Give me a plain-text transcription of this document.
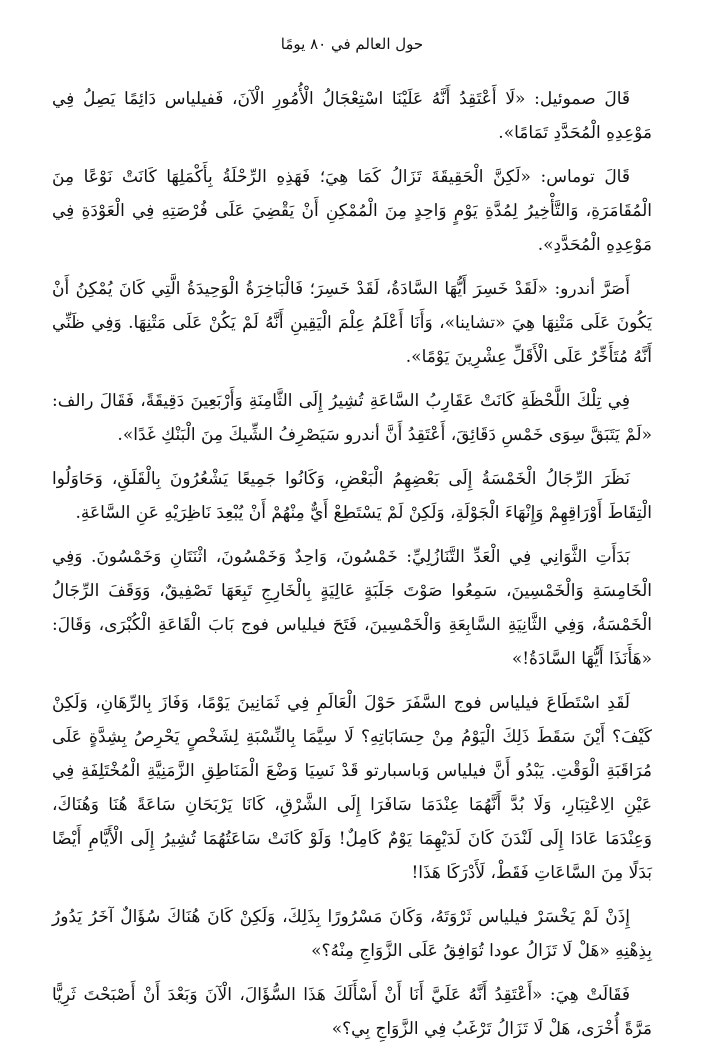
حول العالم في ٨٠ يومًا

قَالَ صموئيل: «لَا أَعْتَقِدُ أَنَّهُ عَلَيْنَا اسْتِعْجَالُ الْأُمُورِ الْآنَ، فَفيلياس دَائِمًا يَصِلُ فِي مَوْعِدِهِ الْمُحَدَّدِ تَمَامًا».

قَالَ توماس: «لَكِنَّ الْحَقِيقَةَ تَزَالُ كَمَا هِيَ؛ فَهَذِهِ الرِّحْلَةُ بِأَكْمَلِهَا كَانَتْ نَوْعًا مِنَ الْمُقَامَرَةِ، وَالتَّأْخِيرُ لِمُدَّةِ يَوْمٍ وَاحِدٍ مِنَ الْمُمْكِنِ أَنْ يَقْضِيَ عَلَى فُرْصَتِهِ فِي الْعَوْدَةِ فِي مَوْعِدِهِ الْمُحَدَّدِ».

أَصَرَّ أندرو: «لَقَدْ خَسِرَ أَيُّهَا السَّادَةُ، لَقَدْ خَسِرَ؛ فَالْبَاخِرَةُ الْوَحِيدَةُ الَّتِي كَانَ يُمْكِنُ أَنْ يَكُونَ عَلَى مَتْنِهَا هِيَ «تشاينا»، وَأَنَا أَعْلَمُ عِلْمَ الْيَقِينِ أَنَّهُ لَمْ يَكُنْ عَلَى مَتْنِهَا. وَفِي ظَنِّي أَنَّهُ مُتَأَخِّرٌ عَلَى الْأَقَلِّ عِشْرِينَ يَوْمًا».

فِي تِلْكَ اللَّحْظَةِ كَانَتْ عَقَارِبُ السَّاعَةِ تُشِيرُ إِلَى الثَّامِنَةِ وَأَرْبَعِينَ دَقِيقَةً، فَقَالَ رالف: «لَمْ يَتَبَقَّ سِوَى خَمْسِ دَقَائِقَ، أَعْتَقِدُ أَنَّ أندرو سَيَصْرِفُ الشِّيكَ مِنَ الْبَنْكِ غَدًا».

نَظَرَ الرِّجَالُ الْخَمْسَةُ إِلَى بَعْضِهِمُ الْبَعْضِ، وَكَانُوا جَمِيعًا يَشْعُرُونَ بِالْقَلَقِ، وَحَاوَلُوا الْتِقَاطَ أَوْرَاقِهِمْ وَإِنْهَاءَ الْجَوْلَةِ، وَلَكِنْ لَمْ يَسْتَطِعْ أَيٌّ مِنْهُمْ أَنْ يُبْعِدَ نَاظِرَيْهِ عَنِ السَّاعَةِ.

بَدَأَتِ الثَّوَانِي فِي الْعَدِّ التَّنَازُلِيِّ: خَمْسُونَ، وَاحِدٌ وَخَمْسُونَ، اثْنَتَانِ وَخَمْسُونَ. وَفِي الْخَامِسَةِ وَالْخَمْسِينَ، سَمِعُوا صَوْتَ جَلَبَةٍ عَالِيَةٍ بِالْخَارِجِ تَبِعَهَا تَصْفِيقٌ، وَوَقَفَ الرِّجَالُ الْخَمْسَةُ، وَفِي الثَّانِيَةِ السَّابِعَةِ وَالْخَمْسِينَ، فَتَحَ فيلياس فوج بَابَ الْقَاعَةِ الْكُبْرَى، وَقَالَ: «هَأَنَذَا أَيُّهَا السَّادَةُ!»

لَقَدِ اسْتَطَاعَ فيلياس فوج السَّفَرَ حَوْلَ الْعَالَمِ فِي ثَمَانِينَ يَوْمًا، وَفَازَ بِالرِّهَانِ، وَلَكِنْ كَيْفَ؟ أَيْنَ سَقَطَ ذَلِكَ الْيَوْمُ مِنْ حِسَابَاتِهِ؟ لَا سِيَّمَا بِالنِّسْبَةِ لِشَخْصٍ يَحْرِصُ بِشِدَّةٍ عَلَى مُرَاقَبَةِ الْوَقْتِ. يَبْدُو أَنَّ فيلياس وَباسبارتو قَدْ نَسِيَا وَضْعَ الْمَنَاطِقِ الزَّمَنِيَّةِ الْمُخْتَلِفَةِ فِي عَيْنِ الِاعْتِبَارِ، وَلَا بُدَّ أَنَّهُمَا عِنْدَمَا سَافَرَا إِلَى الشَّرْقِ، كَانَا يَرْبَحَانِ سَاعَةً هُنَا وَهُنَاكَ، وَعِنْدَمَا عَادَا إِلَى لَنْدَنَ كَانَ لَدَيْهِمَا يَوْمٌ كَامِلٌ! وَلَوْ كَانَتْ سَاعَتُهُمَا تُشِيرُ إِلَى الْأَيَّامِ أَيْضًا بَدَلًا مِنَ السَّاعَاتِ فَقَطْ، لَأَدْرَكَا هَذَا!

إِذَنْ لَمْ يَخْسَرْ فيلياس ثَرْوَتَهُ، وَكَانَ مَسْرُورًا بِذَلِكَ، وَلَكِنْ كَانَ هُنَاكَ سُؤَالٌ آخَرُ يَدُورُ بِذِهْنِهِ «هَلْ لَا تَزَالُ عودا تُوَافِقُ عَلَى الزَّوَاجِ مِنْهُ؟»

فَقَالَتْ هِيَ: «أَعْتَقِدُ أَنَّهُ عَلَيَّ أَنَا أَنْ أَسْأَلَكَ هَذَا السُّؤَالَ، الْآنَ وَبَعْدَ أَنْ أَصْبَحْتَ ثَرِيًّا مَرَّةً أُخْرَى، هَلْ لَا تَزَالُ تَرْغَبُ فِي الزَّوَاجِ بِي؟»
